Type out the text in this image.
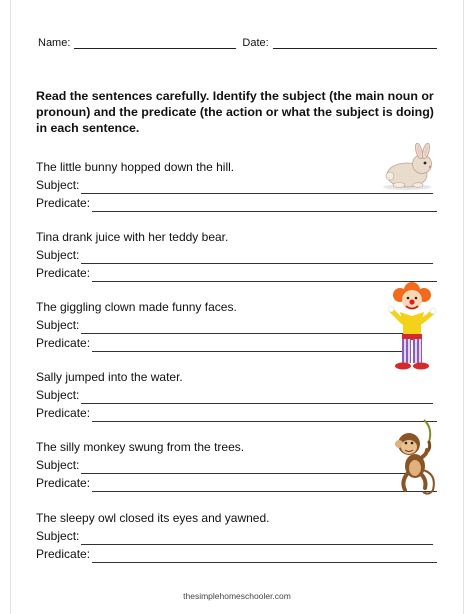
Name:	Date:
Read the sentences carefully. Identify the subject (the main noun or pronoun) and the predicate (the action or what the subject is doing) in each sentence.
The little bunny hopped down the hill.
Subject:
Predicate:
Tina drank juice with her teddy bear.
Subject:
Predicate:
The giggling clown made funny faces.
Subject:
Predicate:
Sally jumped into the water.
Subject:
Predicate:
The silly monkey swung from the trees.
Subject:
Predicate:
The sleepy owl closed its eyes and yawned.
Subject:
Predicate:
thesimplehomeschooler.com
